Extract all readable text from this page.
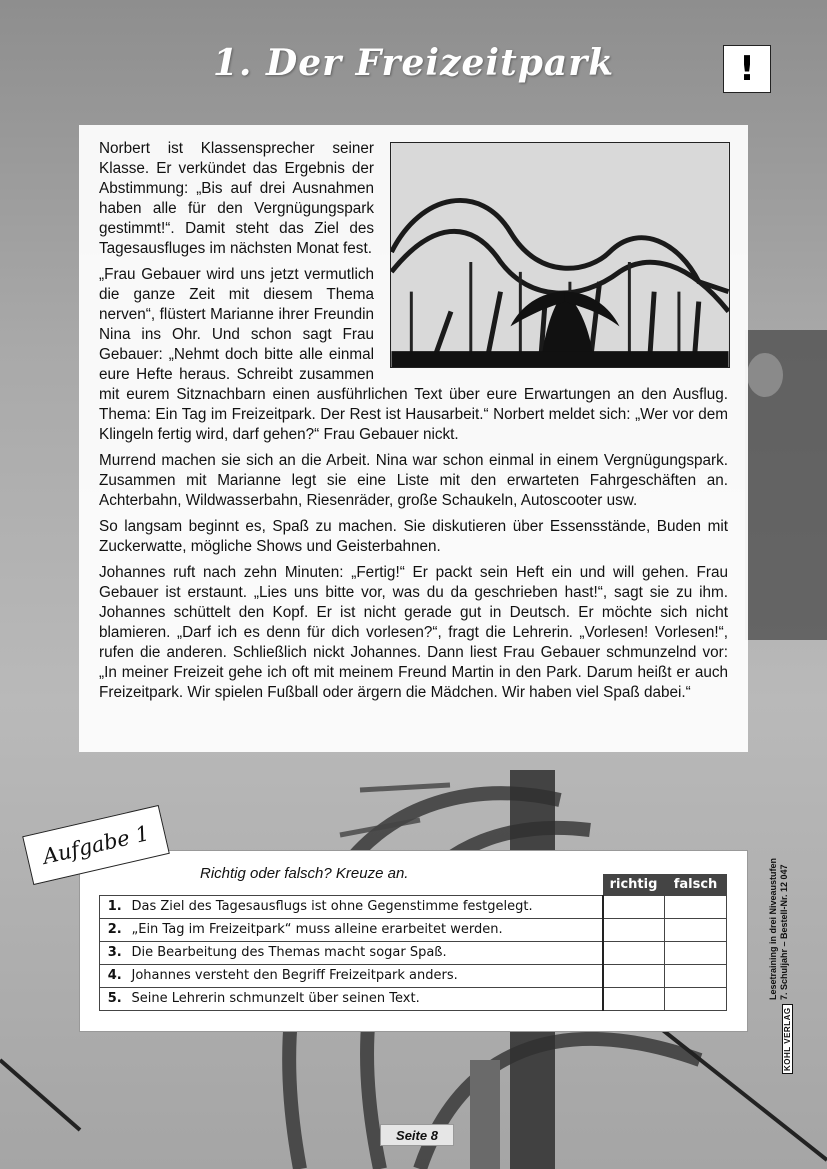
1. Der Freizeitpark	!

Norbert ist Klassensprecher seiner Klasse. Er verkündet das Ergebnis der Abstimmung: „Bis auf drei Ausnahmen haben alle für den Vergnügungspark gestimmt!“. Damit steht das Ziel des Tagesausfluges im nächsten Monat fest.

„Frau Gebauer wird uns jetzt vermutlich die ganze Zeit mit diesem Thema nerven“, flüstert Marianne ihrer Freundin Nina ins Ohr. Und schon sagt Frau Gebauer: „Nehmt doch bitte alle einmal eure Hefte heraus. Schreibt zusammen mit eurem Sitznachbarn einen ausführlichen Text über eure Erwartungen an den Ausflug. Thema: Ein Tag im Freizeitpark. Der Rest ist Hausarbeit.“ Norbert meldet sich: „Wer vor dem Klingeln fertig wird, darf gehen?“ Frau Gebauer nickt.

Murrend machen sie sich an die Arbeit. Nina war schon einmal in einem Vergnügungspark. Zusammen mit Marianne legt sie eine Liste mit den erwarteten Fahrgeschäften an. Achterbahn, Wildwasserbahn, Riesenräder, große Schaukeln, Autoscooter usw.

So langsam beginnt es, Spaß zu machen. Sie diskutieren über Essensstände, Buden mit Zuckerwatte, mögliche Shows und Geisterbahnen.

Johannes ruft nach zehn Minuten: „Fertig!“ Er packt sein Heft ein und will gehen. Frau Gebauer ist erstaunt. „Lies uns bitte vor, was du da geschrieben hast!“, sagt sie zu ihm. Johannes schüttelt den Kopf. Er ist nicht gerade gut in Deutsch. Er möchte sich nicht blamieren. „Darf ich es denn für dich vorlesen?“, fragt die Lehrerin. „Vorlesen! Vorlesen!“, rufen die anderen. Schließlich nickt Johannes. Dann liest Frau Gebauer schmunzelnd vor: „In meiner Freizeit gehe ich oft mit meinem Freund Martin in den Park. Darum heißt er auch Freizeitpark. Wir spielen Fußball oder ärgern die Mädchen. Wir haben viel Spaß dabei.“

Aufgabe 1
Richtig oder falsch? Kreuze an.
		richtig	falsch
1.	Das Ziel des Tagesausflugs ist ohne Gegenstimme festgelegt.		
2.	„Ein Tag im Freizeitpark“ muss alleine erarbeitet werden.		
3.	Die Bearbeitung des Themas macht sogar Spaß.		
4.	Johannes versteht den Begriff Freizeitpark anders.		
5.	Seine Lehrerin schmunzelt über seinen Text.			Lesetraining in drei Niveaustufen 7. Schuljahr – Bestell-Nr. 12 047
KOHL VERLAG
Seite 8
